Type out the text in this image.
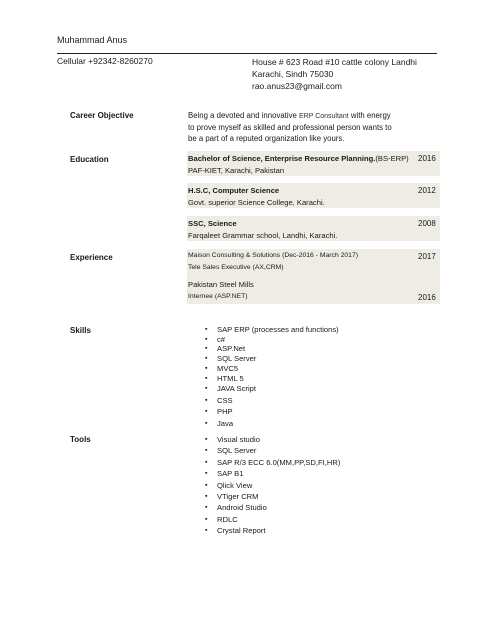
Muhammad Anus
Cellular +92342-8260270	House # 623 Road #10 cattle colony Landhi
Karachi, Sindh 75030
rao.anus23@gmail.com
Career Objective	Being a devoted and innovative ERP Consultant with energy
to prove myself as skilled and professional person wants to
be a part of a reputed organization like yours.
Education	Bachelor of Science, Enterprise Resource Planning.(BS-ERP)
PAF-KIET, Karachi, Pakistan
2016
H.S.C, Computer Science
Govt. superior Science College, Karachi.
2012
SSC, Science
Farqaleet Grammar school, Landhi, Karachi.
2008
Experience	Maison Consulting & Solutions (Dec-2016 - March 2017)
Tele Sales Executive (AX,CRM)
2017
Pakistan Steel Mills
Internee (ASP.NET)	2016
Skills	▪ SAP ERP (processes and functions)
▪ c#
▪ ASP.Net
▪ SQL Server
▪ MVC5
▪ HTML 5
▪ JAVA Script
▪ CSS
▪ PHP
▪ Java
Tools	▪ Visual studio
▪ SQL Server
▪ SAP R/3 ECC 6.0(MM,PP,SD,FI,HR)
▪ SAP B1
▪ Qlick View
▪ VTiger CRM
▪ Android Studio
▪ RDLC
▪ Crystal Report
